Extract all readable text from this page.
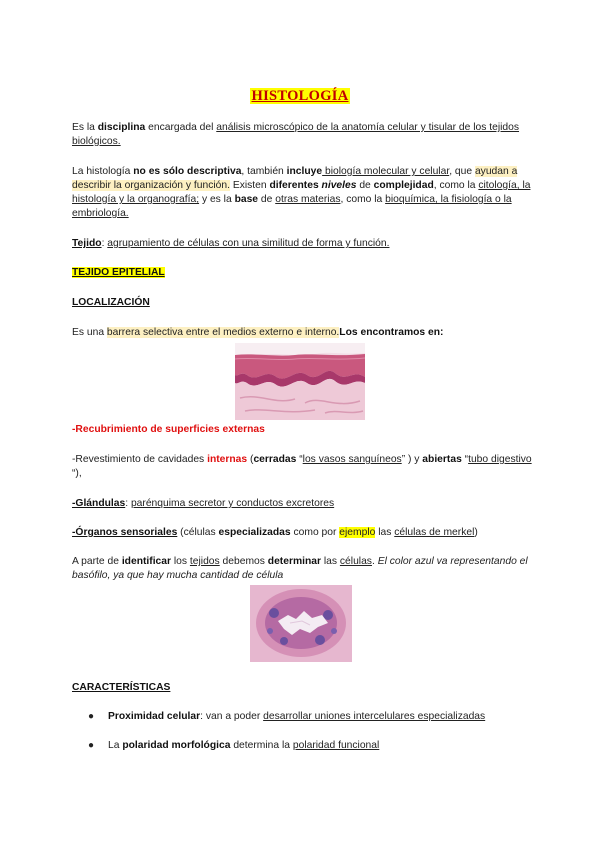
HISTOLOGÍA
Es la disciplina encargada del análisis microscópico de la anatomía celular y tisular de los tejidos biológicos.
La histología no es sólo descriptiva, también incluye biología molecular y celular, que ayudan a describir la organización y función. Existen diferentes niveles de complejidad, como la citología, la histología y la organografía; y es la base de otras materias, como la bioquímica, la fisiología o la embriología.
Tejido: agrupamiento de células con una similitud de forma y función.
TEJIDO EPITELIAL
LOCALIZACIÓN
Es una barrera selectiva entre el medios externo e interno.Los encontramos en:
-Recubrimiento de superficies externas
-Revestimiento de cavidades internas (cerradas “los vasos sanguíneos” ) y abiertas “tubo digestivo “),
-Glándulas: parénquima secretor y conductos excretores
-Órganos sensoriales (células especializadas como por ejemplo las células de merkel)
A parte de identificar los tejidos debemos determinar las células. El color azul va representando el basófilo, ya que hay mucha cantidad de célula
CARACTERÍSTICAS
● Proximidad celular: van a poder desarrollar uniones intercelulares especializadas
● La polaridad morfológica determina la polaridad funcional
